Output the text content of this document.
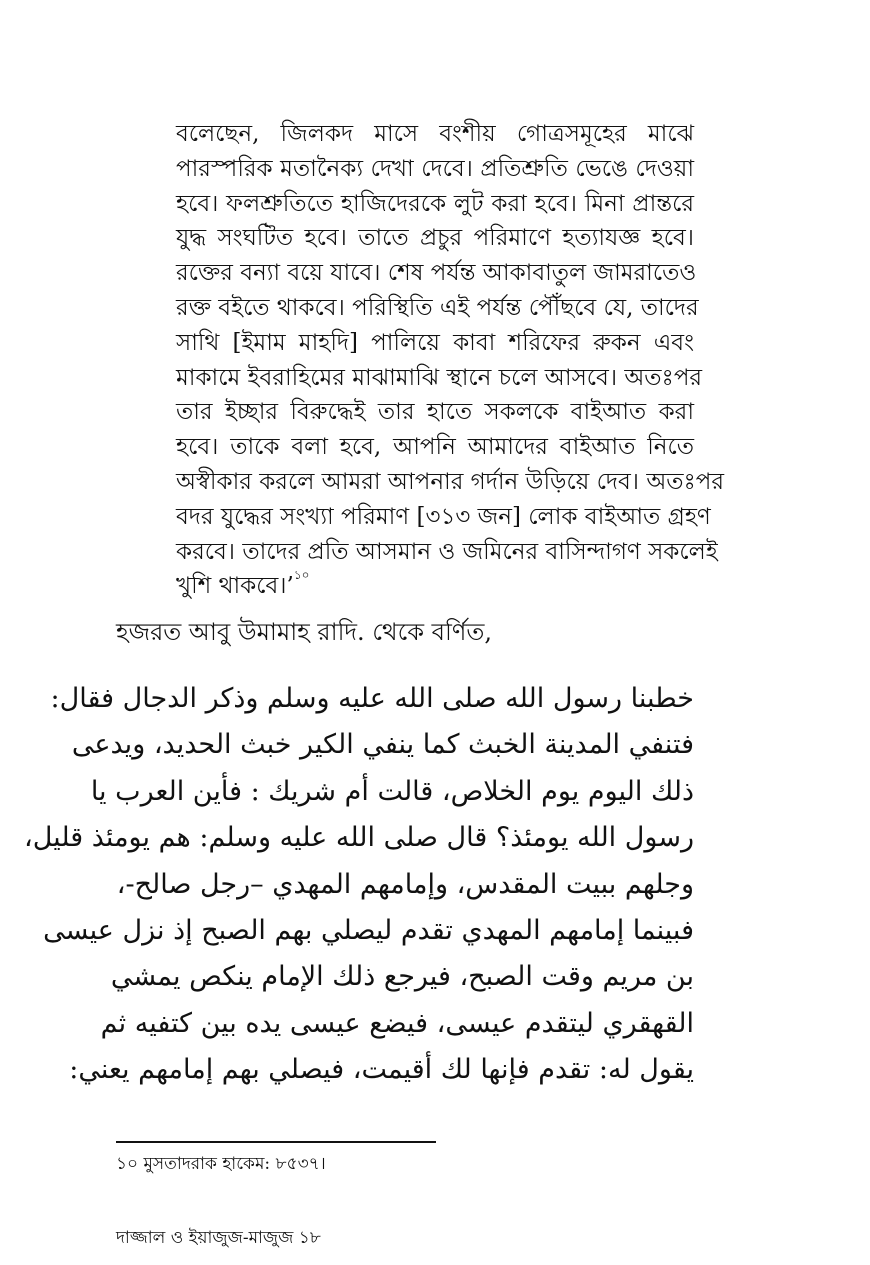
বলেছেন, জিলকদ মাসে বংশীয় গোত্রসমূহের মাঝে
পারস্পরিক মতানৈক্য দেখা দেবে। প্রতিশ্রুতি ভেঙে দেওয়া
হবে। ফলশ্রুতিতে হাজিদেরকে লুট করা হবে। মিনা প্রান্তরে
যুদ্ধ সংঘটিত হবে। তাতে প্রচুর পরিমাণে হত্যাযজ্ঞ হবে।
রক্তের বন্যা বয়ে যাবে। শেষ পর্যন্ত আকাবাতুল জামরাতেও
রক্ত বইতে থাকবে। পরিস্থিতি এই পর্যন্ত পৌঁছবে যে, তাদের
সাথি [ইমাম মাহদি] পালিয়ে কাবা শরিফের রুকন এবং
মাকামে ইবরাহিমের মাঝামাঝি স্থানে চলে আসবে। অতঃপর
তার ইচ্ছার বিরুদ্ধেই তার হাতে সকলকে বাইআত করা
হবে। তাকে বলা হবে, আপনি আমাদের বাইআত নিতে
অস্বীকার করলে আমরা আপনার গর্দান উড়িয়ে দেব। অতঃপর
বদর যুদ্ধের সংখ্যা পরিমাণ [৩১৩ জন] লোক বাইআত গ্রহণ
করবে। তাদের প্রতি আসমান ও জমিনের বাসিন্দাগণ সকলেই
খুশি থাকবে।’$^{১০}$
হজরত আবু উমামাহ রাদি. থেকে বর্ণিত,
خطبنا رسول الله صلى الله عليه وسلم وذكر الدجال فقال:
فتنفي المدينة الخبث كما ينفي الكير خبث الحديد، ويدعى
ذلك اليوم يوم الخلاص، قالت أم شريك : فأين العرب يا
رسول الله يومئذ؟ قال صلى الله عليه وسلم: هم يومئذ قليل،
وجلهم ببيت المقدس، وإمامهم المهدي –رجل صالح-،
فبينما إمامهم المهدي تقدم ليصلي بهم الصبح إذ نزل عيسى
بن مريم وقت الصبح، فيرجع ذلك الإمام ينكص يمشي
القهقري ليتقدم عيسى، فيضع عيسى يده بين كتفيه ثم
يقول له: تقدم فإنها لك أقيمت، فيصلي بهم إمامهم يعني:
১০ মুসতাদরাক হাকেম: ৮৫৩৭।
দাজ্জাল ও ইয়াজুজ-মাজুজ ১৮
